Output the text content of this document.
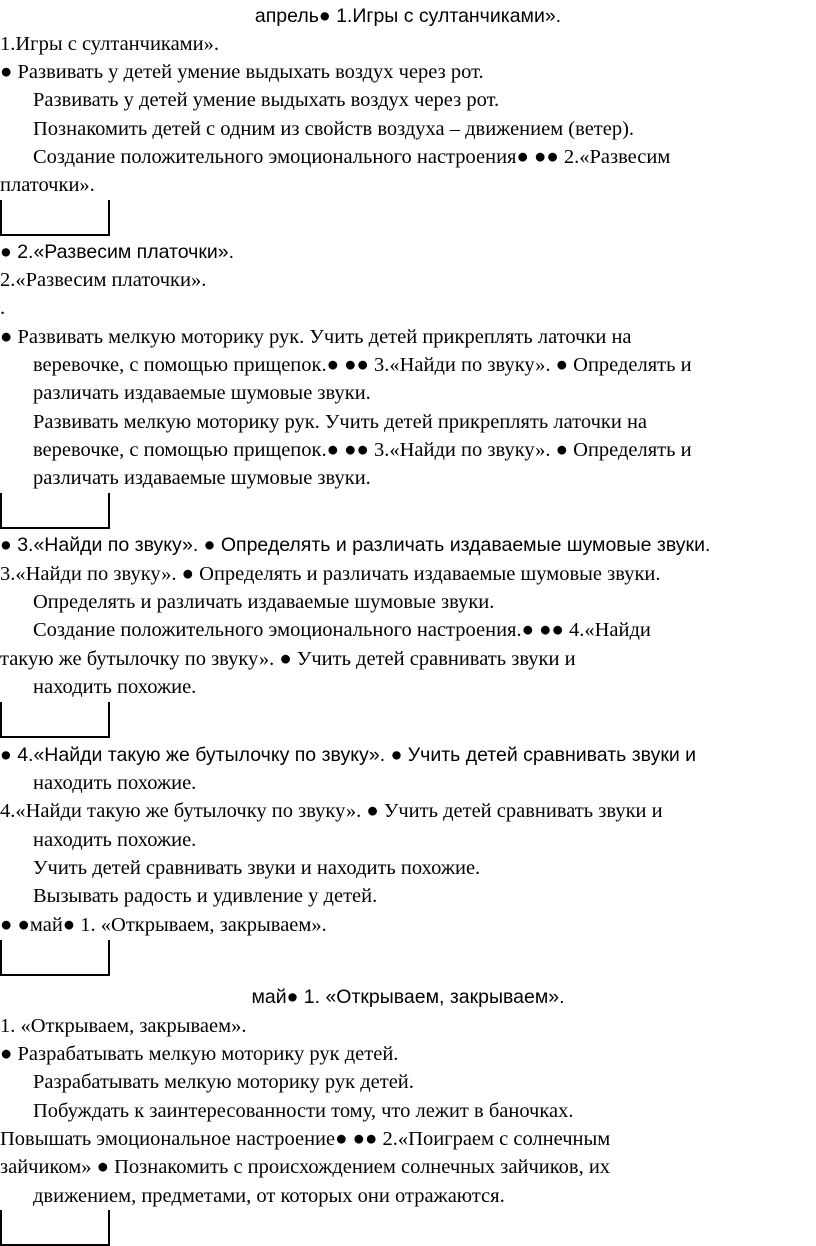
апрель● 1.Игры с султанчиками».
1.Игры с султанчиками».
● Развивать у детей умение выдыхать воздух через рот.
Развивать у детей умение выдыхать воздух через рот.
Познакомить детей с одним из свойств воздуха – движением (ветер).
Создание положительного эмоционального настроения● ●● 2.«Развесим
платочки».
● 2.«Развесим платочки».
2.«Развесим платочки».
.
● Развивать мелкую моторику рук. Учить детей прикреплять латочки на
веревочке, с помощью прищепок.● ●● 3.«Найди по звуку». ● Определять и
различать издаваемые шумовые звуки.
Развивать мелкую моторику рук. Учить детей прикреплять латочки на
веревочке, с помощью прищепок.● ●● 3.«Найди по звуку». ● Определять и
различать издаваемые шумовые звуки.
● 3.«Найди по звуку». ● Определять и различать издаваемые шумовые звуки.
3.«Найди по звуку». ● Определять и различать издаваемые шумовые звуки.
Определять и различать издаваемые шумовые звуки.
Создание положительного эмоционального настроения.● ●● 4.«Найди
такую же бутылочку по звуку». ● Учить детей сравнивать звуки и
находить похожие.
● 4.«Найди такую же бутылочку по звуку». ● Учить детей сравнивать звуки и
находить похожие.
4.«Найди такую же бутылочку по звуку». ● Учить детей сравнивать звуки и
находить похожие.
Учить детей сравнивать звуки и находить похожие.
Вызывать радость и удивление у детей.
● ●май● 1. «Открываем, закрываем».
май● 1. «Открываем, закрываем».
1. «Открываем, закрываем».
● Разрабатывать мелкую моторику рук детей.
Разрабатывать мелкую моторику рук детей.
Побуждать к заинтересованности тому, что лежит в баночках.
Повышать эмоциональное настроение● ●● 2.«Поиграем с солнечным
зайчиком» ● Познакомить с происхождением солнечных зайчиков, их
движением, предметами, от которых они отражаются.
